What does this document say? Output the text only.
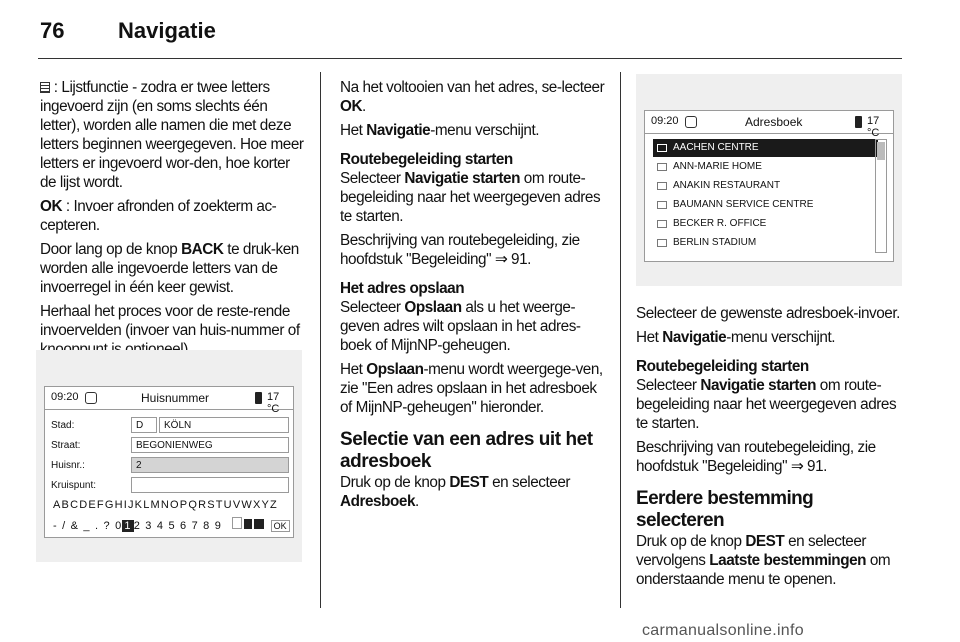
76 Navigatie

: Lijstfunctie - zodra er twee letters ingevoerd zijn (en soms slechts één letter), worden alle namen die met deze letters beginnen weergegeven. Hoe meer letters er ingevoerd wor-den, hoe korter de lijst wordt.

OK : Invoer afronden of zoekterm ac-cepteren.

Door lang op de knop BACK te druk-ken worden alle ingevoerde letters van de invoerregel in één keer gewist.

Herhaal het proces voor de reste-rende invoervelden (invoer van huis-nummer of

09:20	Huisnummer	17 °C
Stad:	D	KÖLN
Straat:	BEGONIENWEG
Huisnr.:	2
Kruispunt:
ABCDEFGHIJKLMNOPQRSTUVWXYZ
- / & _ . ? 0 1 2 3 4 5 6 7 8 9	OK

Na het voltooien van het adres, se-lecteer OK.

Het Navigatie-menu verschijnt.

Routebegeleiding starten

Selecteer Navigatie starten om route-begeleiding naar het weergegeven adres te starten.

Beschrijving van routebegeleiding, zie hoofdstuk "Begeleiding" ⇒ 91.

Het adres opslaan

Selecteer Opslaan als u het weerge-geven adres wilt opslaan in het adres-boek of MijnNP-geheugen.

Het Opslaan-menu wordt weergege-ven, zie "Een adres opslaan in het adresboek of MijnNP-geheugen" hieronder.

Selectie van een adres uit het adresboek

Druk op de knop DEST en selecteer Adresboek.

09:20	Adresboek	17 °C
AACHEN CENTRE
ANN-MARIE HOME
ANAKIN RESTAURANT
BAUMANN SERVICE CENTRE
BECKER R. OFFICE
BERLIN STADIUM

Selecteer de gewenste adresboek-invoer.

Het Navigatie-menu verschijnt.

Routebegeleiding starten

Selecteer Navigatie starten om route-begeleiding naar het weergegeven adres te starten.

Beschrijving van routebegeleiding, zie hoofdstuk "Begeleiding" ⇒ 91.

Eerdere bestemming selecteren

Druk op de knop DEST en selecteer vervolgens Laatste bestemmingen om onderstaande menu te openen.

carmanualsonline.info
